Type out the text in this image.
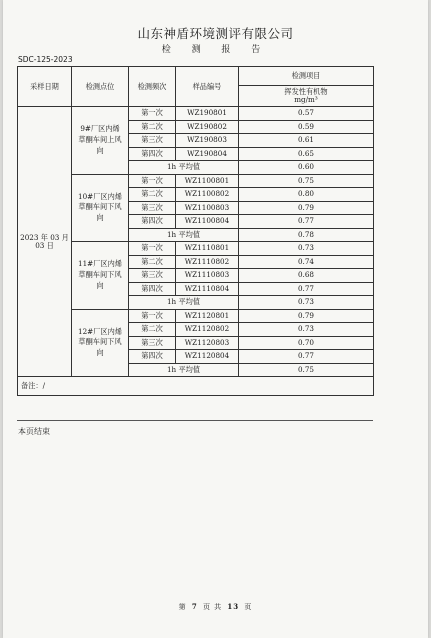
山东神盾环境测评有限公司
检 测 报 告
SDC-125-2023
采样日期	检测点位	检测频次	样品编号	检测项目

				挥发性有机物
mg/m³

2023 年 03 月 03 日	9#厂区内烯草酮车间上风向	第一次	WZ190801	0.57
		第二次	WZ190802	0.59
		第三次	WZ190803	0.61
		第四次	WZ190804	0.65
		1h 平均值		0.60
	10#厂区内烯草酮车间下风向	第一次	WZ1100801	0.75
		第二次	WZ1100802	0.80
		第三次	WZ1100803	0.79
		第四次	WZ1100804	0.77
		1h 平均值		0.78
	11#厂区内烯草酮车间下风向	第一次	WZ1110801	0.73
		第二次	WZ1110802	0.74
		第三次	WZ1110803	0.68
		第四次	WZ1110804	0.77
		1h 平均值		0.73
	12#厂区内烯草酮车间下风向	第一次	WZ1120801	0.79
		第二次	WZ1120802	0.73
		第三次	WZ1120803	0.70
		第四次	WZ1120804	0.77
		1h 平均值		0.75
备注：/				
本页结束
第 7 页 共 13 页
